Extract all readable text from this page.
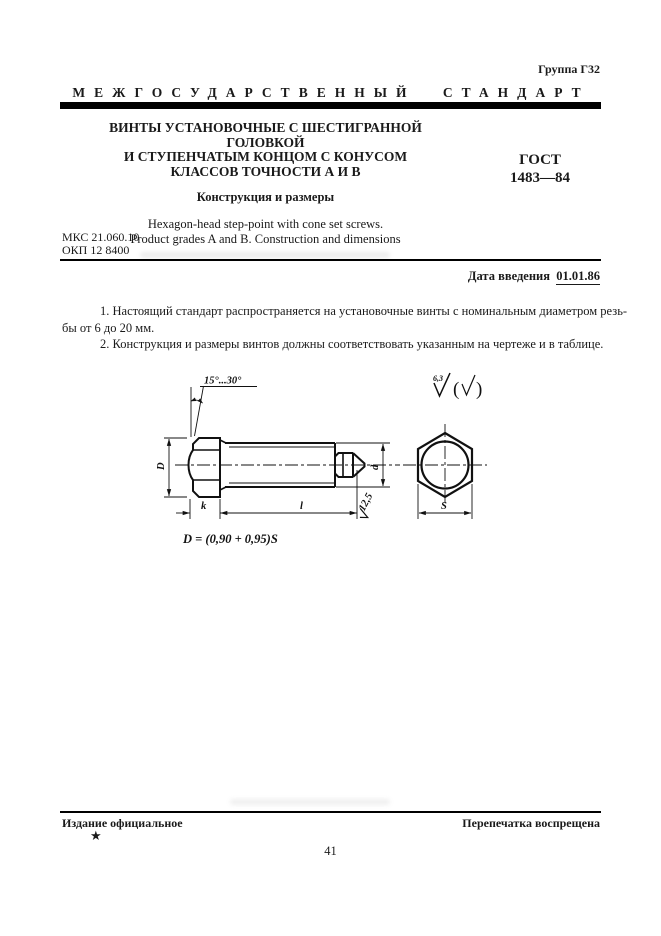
Группа Г32
МЕЖГОСУДАРСТВЕННЫЙ СТАНДАРТ
ВИНТЫ УСТАНОВОЧНЫЕ С ШЕСТИГРАННОЙ ГОЛОВКОЙ
И СТУПЕНЧАТЫМ КОНЦОМ С КОНУСОМ
КЛАССОВ ТОЧНОСТИ А И В
Конструкция и размеры
Hexagon-head step-point with cone set screws.
Product grades A and B. Construction and dimensions
ГОСТ
1483—84
МКС 21.060.10
ОКП 12 8400
Дата введения 01.01.86
1. Настоящий стандарт распространяется на установочные винты с номинальным диаметром резь-
бы от 6 до 20 мм.
2. Конструкция и размеры винтов должны соответствовать указанным на чертеже и в таблице.
D
k	l
d
12,5
15°...30°
S
6,3
( )
D = (0,90 + 0,95)S
Издание официальное
★
Перепечатка воспрещена
41
